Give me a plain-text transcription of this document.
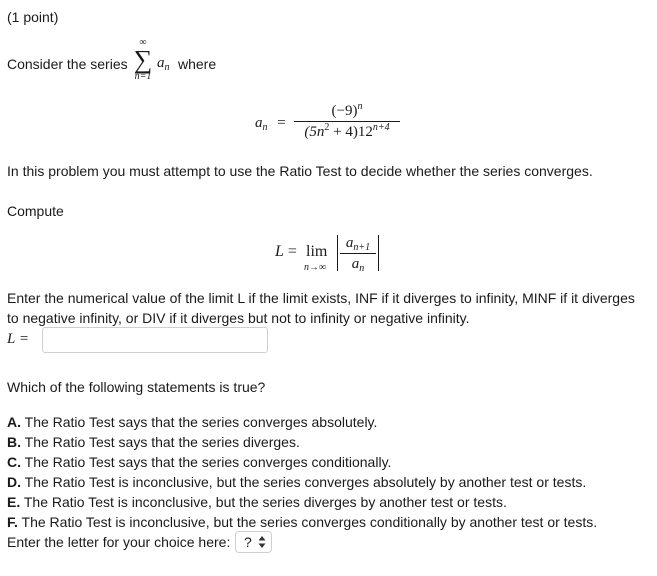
(1 point)
Consider the series
∞
∑
n=1
$a_n$ where
$a_n$ =
$(-9)^n$
$(5n^2 + 4)12^{n+4}$
In this problem you must attempt to use the Ratio Test to decide whether the series converges.
Compute
L = lim
n→∞
$a_{n+1}$
$a_n$
Enter the numerical value of the limit L if the limit exists, INF if it diverges to infinity, MINF if it diverges
to negative infinity, or DIV if it diverges but not to infinity or negative infinity.
L =
Which of the following statements is true?
A. The Ratio Test says that the series converges absolutely.
B. The Ratio Test says that the series diverges.
C. The Ratio Test says that the series converges conditionally.
D. The Ratio Test is inconclusive, but the series converges absolutely by another test or tests.
E. The Ratio Test is inconclusive, but the series diverges by another test or tests.
F. The Ratio Test is inconclusive, but the series converges conditionally by another test or tests.
Enter the letter for your choice here: ?
